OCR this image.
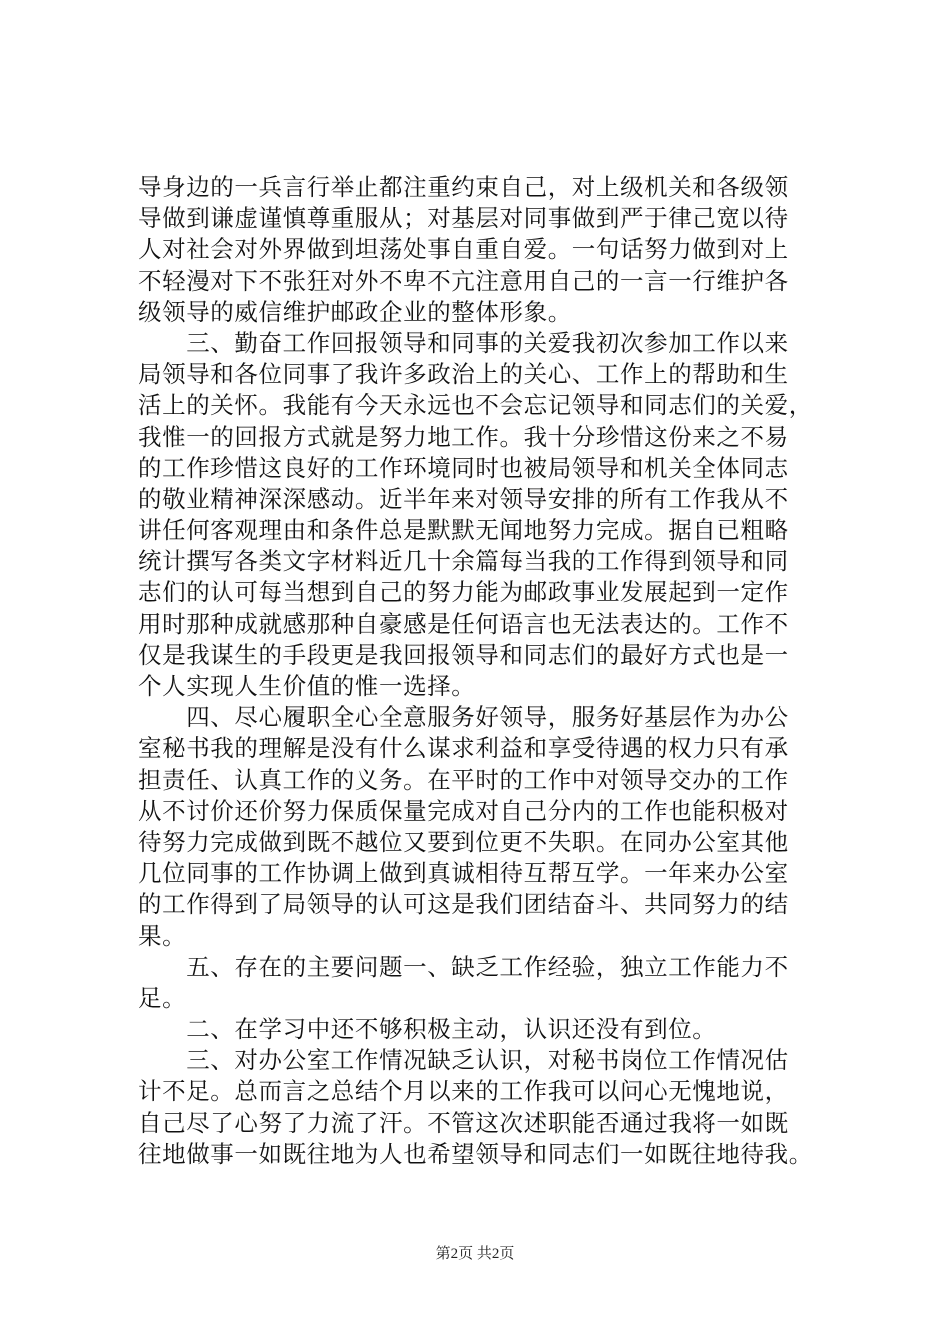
导身边的一兵言行举止都注重约束自己，对上级机关和各级领
导做到谦虚谨慎尊重服从；对基层对同事做到严于律己宽以待
人对社会对外界做到坦荡处事自重自爱。一句话努力做到对上
不轻漫对下不张狂对外不卑不亢注意用自己的一言一行维护各
级领导的威信维护邮政企业的整体形象。
　　三、勤奋工作回报领导和同事的关爱我初次参加工作以来
局领导和各位同事了我许多政治上的关心、工作上的帮助和生
活上的关怀。我能有今天永远也不会忘记领导和同志们的关爱，
我惟一的回报方式就是努力地工作。我十分珍惜这份来之不易
的工作珍惜这良好的工作环境同时也被局领导和机关全体同志
的敬业精神深深感动。近半年来对领导安排的所有工作我从不
讲任何客观理由和条件总是默默无闻地努力完成。据自已粗略
统计撰写各类文字材料近几十余篇每当我的工作得到领导和同
志们的认可每当想到自己的努力能为邮政事业发展起到一定作
用时那种成就感那种自豪感是任何语言也无法表达的。工作不
仅是我谋生的手段更是我回报领导和同志们的最好方式也是一
个人实现人生价值的惟一选择。
　　四、尽心履职全心全意服务好领导，服务好基层作为办公
室秘书我的理解是没有什么谋求利益和享受待遇的权力只有承
担责任、认真工作的义务。在平时的工作中对领导交办的工作
从不讨价还价努力保质保量完成对自己分内的工作也能积极对
待努力完成做到既不越位又要到位更不失职。在同办公室其他
几位同事的工作协调上做到真诚相待互帮互学。一年来办公室
的工作得到了局领导的认可这是我们团结奋斗、共同努力的结
果。
　　五、存在的主要问题一、缺乏工作经验，独立工作能力不
足。
　　二、在学习中还不够积极主动，认识还没有到位。
　　三、对办公室工作情况缺乏认识，对秘书岗位工作情况估
计不足。总而言之总结个月以来的工作我可以问心无愧地说，
自己尽了心努了力流了汗。不管这次述职能否通过我将一如既
往地做事一如既往地为人也希望领导和同志们一如既往地待我。
第2页 共2页
